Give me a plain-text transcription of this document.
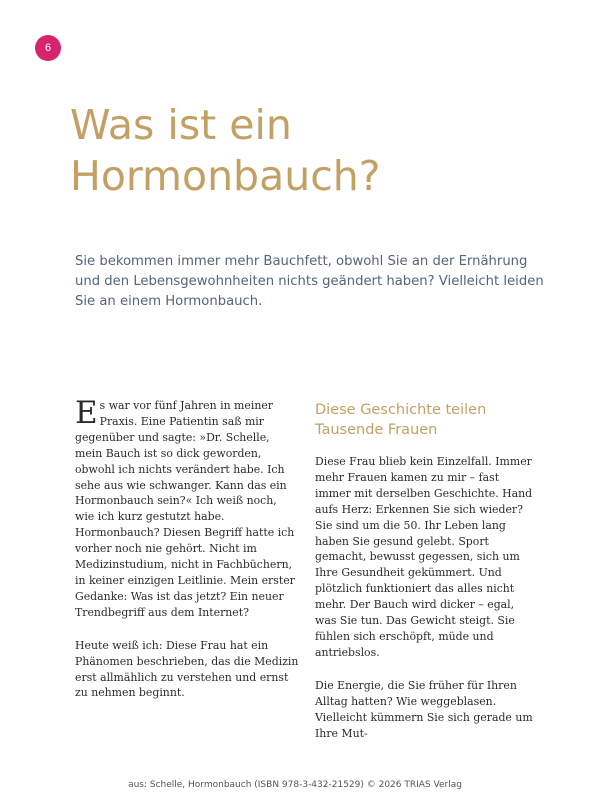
6
Was ist ein Hormonbauch?

Sie bekommen immer mehr Bauchfett, obwohl Sie an der Ernährung und den Lebensgewohnheiten nichts geändert haben? Vielleicht leiden Sie an einem Hormonbauch.

Es war vor fünf Jahren in meiner Praxis. Eine Patientin saß mir gegenüber und sagte: »Dr. Schelle, mein Bauch ist so dick geworden, obwohl ich nichts verändert habe. Ich sehe aus wie schwanger. Kann das ein Hormonbauch sein?« Ich weiß noch, wie ich kurz gestutzt habe. Hormonbauch? Diesen Begriff hatte ich vorher noch nie gehört. Nicht im Medizinstudium, nicht in Fachbüchern, in keiner einzigen Leitlinie. Mein erster Gedanke: Was ist das jetzt? Ein neuer Trendbegriff aus dem Internet?

Heute weiß ich: Diese Frau hat ein Phänomen beschrieben, das die Medizin erst allmählich zu verstehen und ernst zu nehmen beginnt.

Diese Geschichte teilen Tausende Frauen

Diese Frau blieb kein Einzelfall. Immer mehr Frauen kamen zu mir – fast immer mit derselben Geschichte. Hand aufs Herz: Erkennen Sie sich wieder? Sie sind um die 50. Ihr Leben lang haben Sie gesund gelebt. Sport gemacht, bewusst gegessen, sich um Ihre Gesundheit gekümmert. Und plötzlich funktioniert das alles nicht mehr. Der Bauch wird dicker – egal, was Sie tun. Das Gewicht steigt. Sie fühlen sich erschöpft, müde und antriebslos.

Die Energie, die Sie früher für Ihren Alltag hatten? Wie weggeblasen. Vielleicht kümmern Sie sich gerade um Ihre Mut-

aus: Schelle, Hormonbauch (ISBN 978-3-432-21529) © 2026 TRIAS Verlag
